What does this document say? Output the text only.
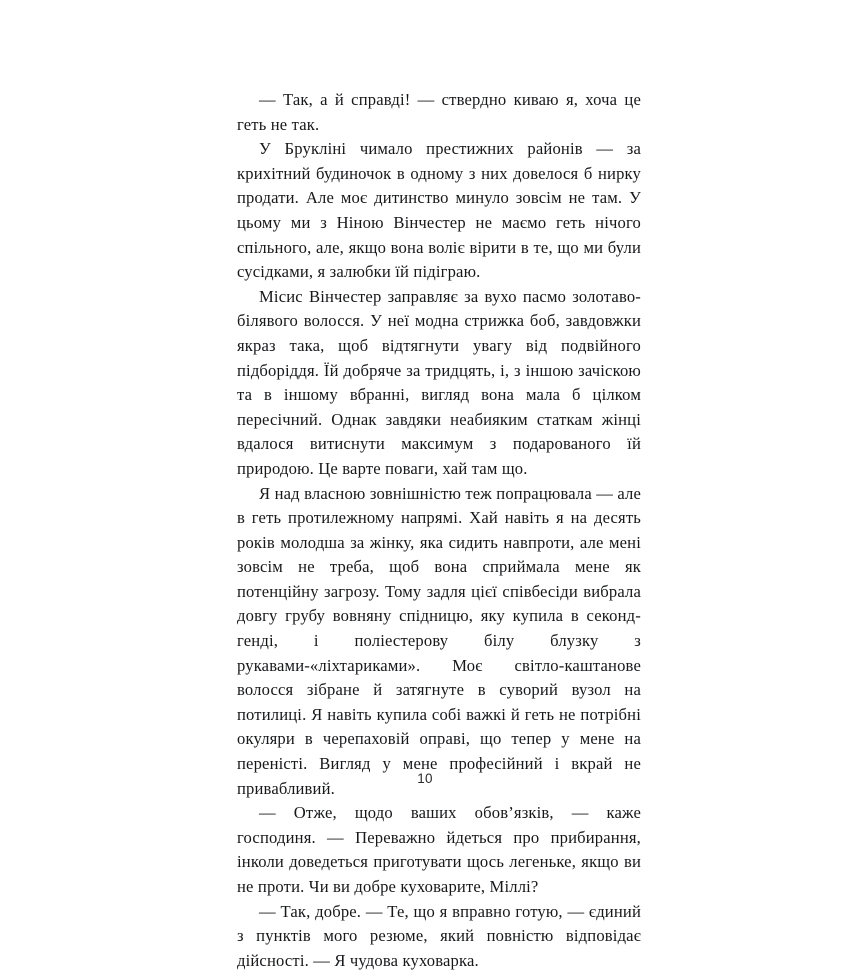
— Так, а й справді! — ствердно киваю я, хоча це геть не так.

У Брукліні чимало престижних районів — за крихітний будиночок в одному з них довелося б нирку продати. Але моє дитинство минуло зовсім не там. У цьому ми з Ніною Вінчестер не маємо геть нічого спільного, але, якщо вона воліє вірити в те, що ми були сусідками, я залюбки їй підіграю.

Місис Вінчестер заправляє за вухо пасмо золотаво-білявого волосся. У неї модна стрижка боб, завдовжки якраз така, щоб відтягнути увагу від подвійного підборіддя. Їй добряче за тридцять, і, з іншою зачіскою та в іншому вбранні, вигляд вона мала б цілком пересічний. Однак завдяки неабияким статкам жінці вдалося витиснути максимум з подарованого їй природою. Це варте поваги, хай там що.

Я над власною зовнішністю теж попрацювала — але в геть протилежному напрямі. Хай навіть я на десять років молодша за жінку, яка сидить навпроти, але мені зовсім не треба, щоб вона сприймала мене як потенційну загрозу. Тому задля цієї співбесіди вибрала довгу грубу вовняну спідницю, яку купила в секонд-генді, і поліестерову білу блузку з рукавами-«ліхтариками». Моє світло-каштанове волосся зібране й затягнуте в суворий вузол на потилиці. Я навіть купила собі важкі й геть не потрібні окуляри в черепаховій оправі, що тепер у мене на переністі. Вигляд у мене професійний і вкрай не привабливий.

— Отже, щодо ваших обов’язків, — каже господиня. — Переважно йдеться про прибирання, інколи доведеться приготувати щось легеньке, якщо ви не проти. Чи ви добре куховарите, Міллі?

— Так, добре. — Те, що я вправно готую, — єдиний з пунктів мого резюме, який повністю відповідає дійсності. — Я чудова куховарка.

10
